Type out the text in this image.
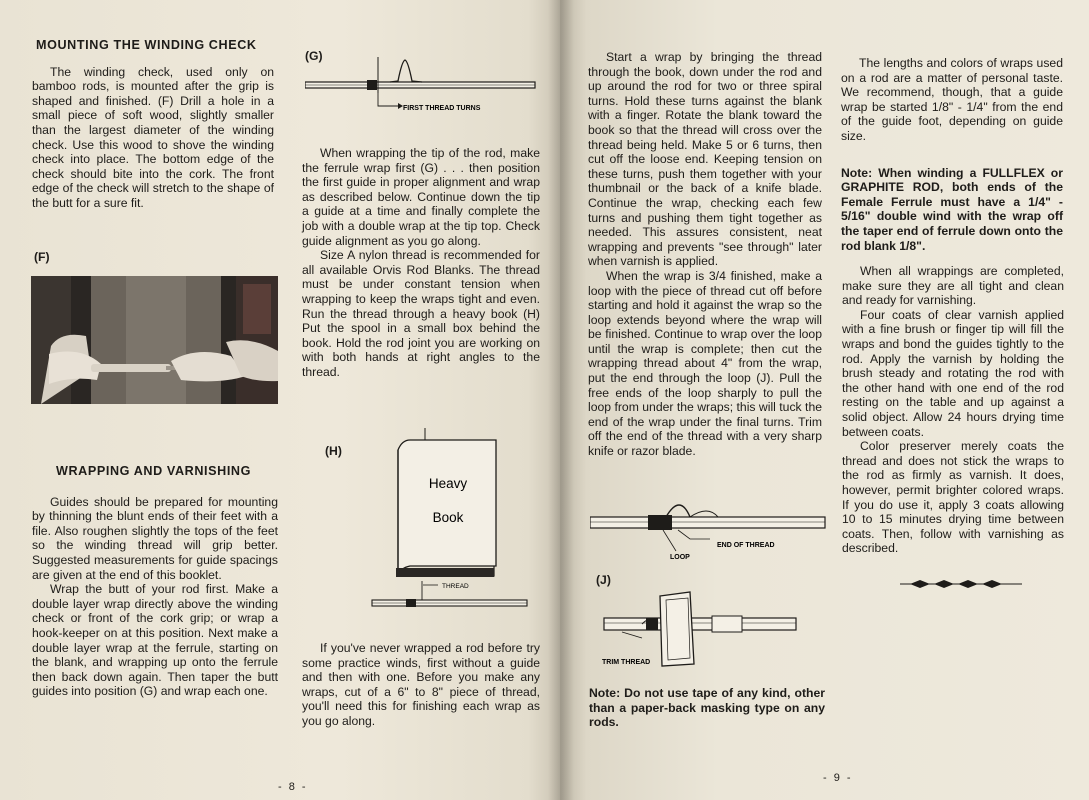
MOUNTING THE WINDING CHECK

The winding check, used only on bamboo rods, is mounted after the grip is shaped and finished. (F) Drill a hole in a small piece of soft wood, slightly smaller than the largest diameter of the winding check. Use this wood to shove the winding check into place. The bottom edge of the check should bite into the cork. The front edge of the check will stretch to the shape of the butt for a sure fit.

(F)
WRAPPING AND VARNISHING

Guides should be prepared for mounting by thinning the blunt ends of their feet with a file. Also roughen slightly the tops of the feet so the winding thread will grip better. Suggested measurements for guide spacings are given at the end of this booklet.

Wrap the butt of your rod first. Make a double layer wrap directly above the winding check or front of the cork grip; or wrap a hook-keeper on at this position. Next make a double layer wrap at the ferrule, starting on the blank, and wrapping up onto the ferrule then back down again. Then taper the butt guides into position (G) and wrap each one.

(G)
FIRST THREAD TURNS

When wrapping the tip of the rod, make the ferrule wrap first (G) . . . then position the first guide in proper alignment and wrap as described below. Continue down the tip a guide at a time and finally complete the job with a double wrap at the tip top. Check guide alignment as you go along.

Size A nylon thread is recommended for all available Orvis Rod Blanks. The thread must be under constant tension when wrapping to keep the wraps tight and even. Run the thread through a heavy book (H) Put the spool in a small box behind the book. Hold the rod joint you are working on with both hands at right angles to the thread.

(H)
THREAD
Heavy
Book

If you've never wrapped a rod before try some practice winds, first without a guide and then with one. Before you make any wraps, cut of a 6" to 8" piece of thread, you'll need this for finishing each wrap as you go along.

- 8 -

Start a wrap by bringing the thread through the book, down under the rod and up around the rod for two or three spiral turns. Hold these turns against the blank with a finger. Rotate the blank toward the book so that the thread will cross over the thread being held. Make 5 or 6 turns, then cut off the loose end. Keeping tension on these turns, push them together with your thumbnail or the back of a knife blade. Continue the wrap, checking each few turns and pushing them tight together as needed. This assures consistent, neat wrapping and prevents "see through" later when varnish is applied.

When the wrap is 3/4 finished, make a loop with the piece of thread cut off before starting and hold it against the wrap so the loop extends beyond where the wrap will be finished. Continue to wrap over the loop until the wrap is complete; then cut the wrapping thread about 4" from the wrap, put the end through the loop (J). Pull the free ends of the loop sharply to pull the loop from under the wraps; this will tuck the end of the wrap under the final turns. Trim off the end of the thread with a very sharp knife or razor blade.

END OF THREAD
LOOP
(J)
TRIM THREAD

Note: Do not use tape of any kind, other than a paper-back masking type on any rods.

The lengths and colors of wraps used on a rod are a matter of personal taste. We recommend, though, that a guide wrap be started 1/8" - 1/4" from the end of the guide foot, depending on guide size.

Note: When winding a FULLFLEX or GRAPHITE ROD, both ends of the Female Ferrule must have a 1/4" - 5/16" double wind with the wrap off the taper end of ferrule down onto the rod blank 1/8".

When all wrappings are completed, make sure they are all tight and clean and ready for varnishing.

Four coats of clear varnish applied with a fine brush or finger tip will fill the wraps and bond the guides tightly to the rod. Apply the varnish by holding the brush steady and rotating the rod with the other hand with one end of the rod resting on the table and up against a solid object. Allow 24 hours drying time between coats.

Color preserver merely coats the thread and does not stick the wraps to the rod as firmly as varnish. It does, however, permit brighter colored wraps. If you do use it, apply 3 coats allowing 10 to 15 minutes drying time between coats. Then, follow with varnishing as described.

- 9 -
